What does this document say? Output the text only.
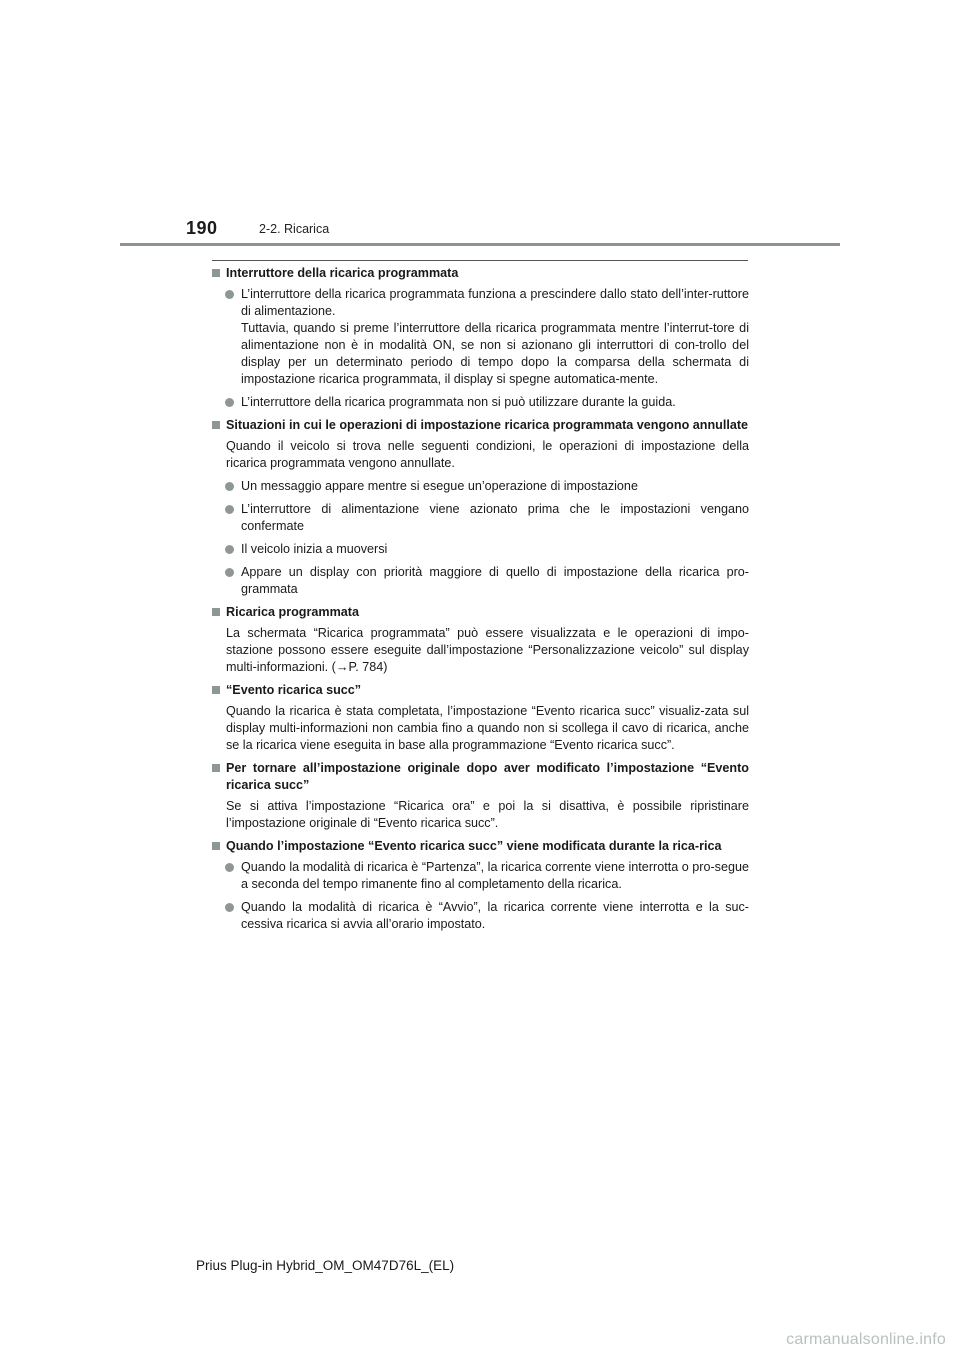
190	2-2. Ricarica
Interruttore della ricarica programmata

L’interruttore della ricarica programmata funziona a prescindere dallo stato dell’inter-ruttore di alimentazione.

Tuttavia, quando si preme l’interruttore della ricarica programmata mentre l’interrut-tore di alimentazione non è in modalità ON, se non si azionano gli interruttori di con-trollo del display per un determinato periodo di tempo dopo la comparsa della schermata di impostazione ricarica programmata, il display si spegne automatica-mente.

L’interruttore della ricarica programmata non si può utilizzare durante la guida.

Situazioni in cui le operazioni di impostazione ricarica programmata vengono annullate
Quando il veicolo si trova nelle seguenti condizioni, le operazioni di impostazione della ricarica programmata vengono annullate.

Un messaggio appare mentre si esegue un’operazione di impostazione

L’interruttore di alimentazione viene azionato prima che le impostazioni vengano confermate

Il veicolo inizia a muoversi

Appare un display con priorità maggiore di quello di impostazione della ricarica pro-grammata

Ricarica programmata
La schermata “Ricarica programmata” può essere visualizzata e le operazioni di impo-stazione possono essere eseguite dall’impostazione “Personalizzazione veicolo” sul display multi-informazioni. (→P. 784)
“Evento ricarica succ”
Quando la ricarica è stata completata, l’impostazione “Evento ricarica succ” visualiz-zata sul display multi-informazioni non cambia fino a quando non si scollega il cavo di ricarica, anche se la ricarica viene eseguita in base alla programmazione “Evento ricarica succ”.
Per tornare all’impostazione originale dopo aver modificato l’impostazione “Evento ricarica succ”
Se si attiva l’impostazione “Ricarica ora” e poi la si disattiva, è possibile ripristinare l’impostazione originale di “Evento ricarica succ”.
Quando l’impostazione “Evento ricarica succ” viene modificata durante la rica-rica

Quando la modalità di ricarica è “Partenza”, la ricarica corrente viene interrotta o pro-segue a seconda del tempo rimanente fino al completamento della ricarica.

Quando la modalità di ricarica è “Avvio”, la ricarica corrente viene interrotta e la suc-cessiva ricarica si avvia all’orario impostato.

Prius Plug-in Hybrid_OM_OM47D76L_(EL)
carmanualsonline.info
